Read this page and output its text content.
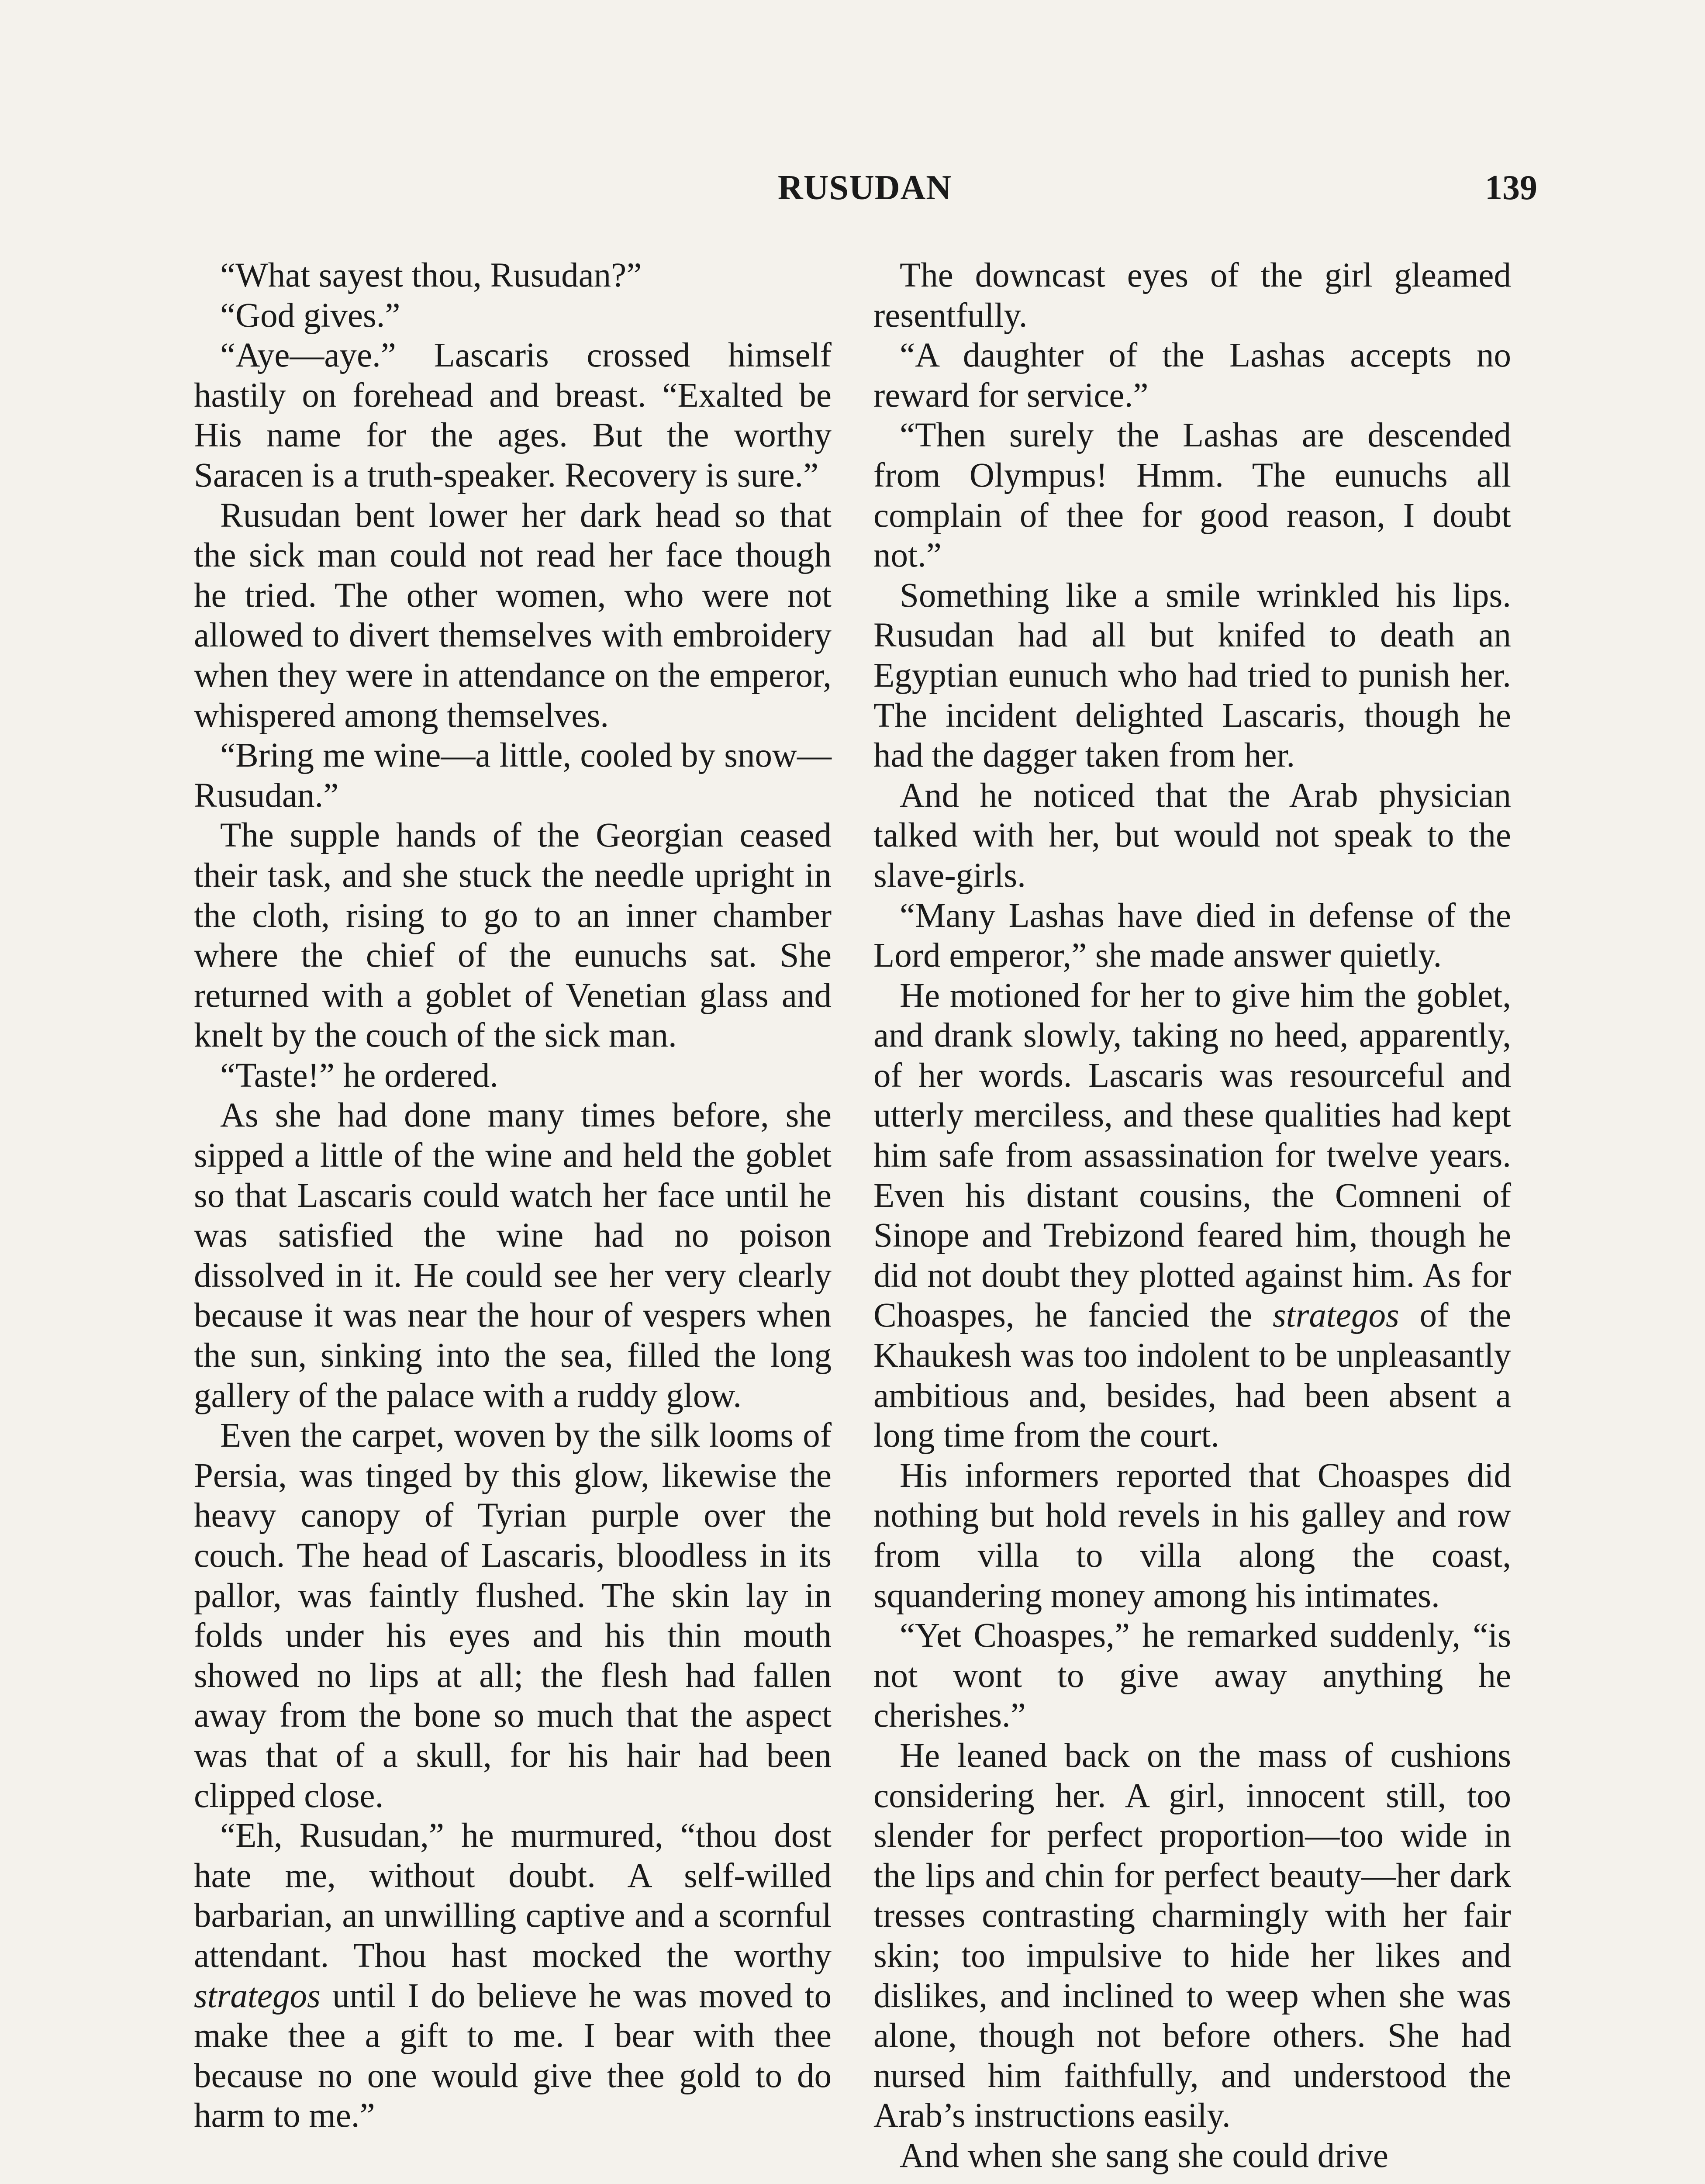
RUSUDAN	139

“What sayest thou, Rusudan?”

“God gives.”

“Aye—aye.” Lascaris crossed himself hastily on forehead and breast. “Exalted be His name for the ages. But the worthy Saracen is a truth-speaker. Recovery is sure.”

Rusudan bent lower her dark head so that the sick man could not read her face though he tried. The other women, who were not allowed to divert themselves with embroidery when they were in attendance on the emperor, whispered among themselves.

“Bring me wine—a little, cooled by snow—Rusudan.”

The supple hands of the Georgian ceased their task, and she stuck the needle upright in the cloth, rising to go to an inner chamber where the chief of the eunuchs sat. She returned with a goblet of Venetian glass and knelt by the couch of the sick man.

“Taste!” he ordered.

As she had done many times before, she sipped a little of the wine and held the goblet so that Lascaris could watch her face until he was satisfied the wine had no poison dissolved in it. He could see her very clearly because it was near the hour of vespers when the sun, sinking into the sea, filled the long gallery of the palace with a ruddy glow.

Even the carpet, woven by the silk looms of Persia, was tinged by this glow, likewise the heavy canopy of Tyrian purple over the couch. The head of Lascaris, bloodless in its pallor, was faintly flushed. The skin lay in folds under his eyes and his thin mouth showed no lips at all; the flesh had fallen away from the bone so much that the aspect was that of a skull, for his hair had been clipped close.

“Eh, Rusudan,” he murmured, “thou dost hate me, without doubt. A self-willed barbarian, an unwilling captive and a scornful attendant. Thou hast mocked the worthy strategos until I do believe he was moved to make thee a gift to me. I bear with thee because no one would give thee gold to do harm to me.”

The downcast eyes of the girl gleamed resentfully.

“A daughter of the Lashas accepts no reward for service.”

“Then surely the Lashas are descended from Olympus! Hmm. The eunuchs all complain of thee for good reason, I doubt not.”

Something like a smile wrinkled his lips. Rusudan had all but knifed to death an Egyptian eunuch who had tried to punish her. The incident delighted Lascaris, though he had the dagger taken from her.

And he noticed that the Arab physician talked with her, but would not speak to the slave-girls.

“Many Lashas have died in defense of the Lord emperor,” she made answer quietly.

He motioned for her to give him the goblet, and drank slowly, taking no heed, apparently, of her words. Lascaris was resourceful and utterly merciless, and these qualities had kept him safe from assassination for twelve years. Even his distant cousins, the Comneni of Sinope and Trebizond feared him, though he did not doubt they plotted against him. As for Choaspes, he fancied the strategos of the Khaukesh was too indolent to be unpleasantly ambitious and, besides, had been absent a long time from the court.

His informers reported that Choaspes did nothing but hold revels in his galley and row from villa to villa along the coast, squandering money among his intimates.

“Yet Choaspes,” he remarked suddenly, “is not wont to give away anything he cherishes.”

He leaned back on the mass of cushions considering her. A girl, innocent still, too slender for perfect proportion—too wide in the lips and chin for perfect beauty—her dark tresses contrasting charmingly with her fair skin; too impulsive to hide her likes and dislikes, and inclined to weep when she was alone, though not before others. She had nursed him faithfully, and understood the Arab’s instructions easily.

And when she sang she could drive
